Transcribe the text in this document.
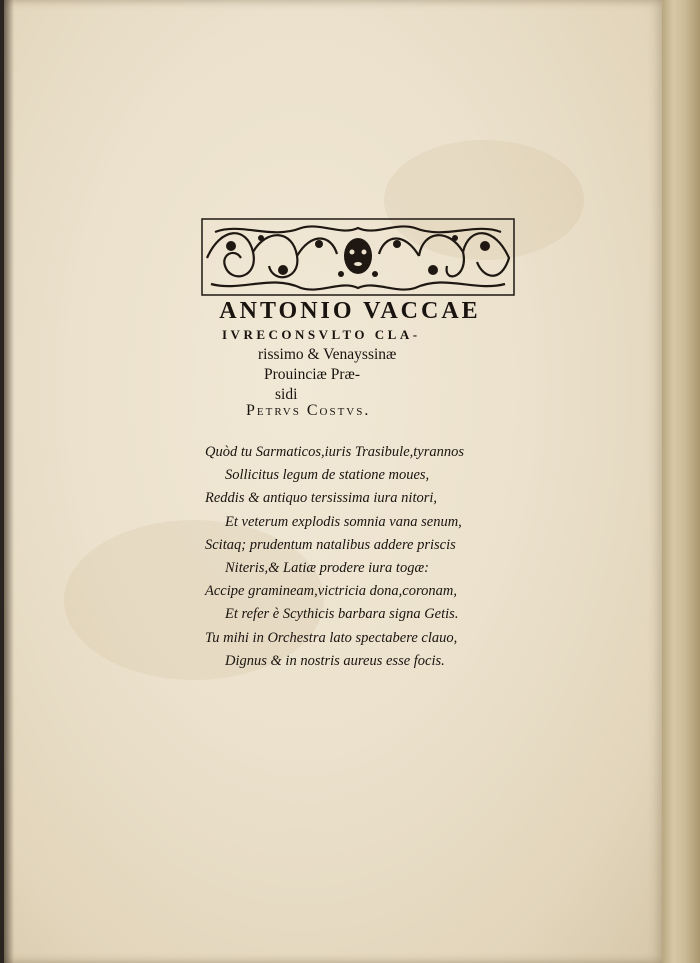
ANTONIO VACCAE
IVRECONSVLTO CLA-
rissimo & Venayssinæ
Prouinciæ Præ-
sidi
Petrvs Costvs.
Quòd tu Sarmaticos,iuris Trasibule,tyrannos
Sollicitus legum de statione moues,
Reddis & antiquo tersissima iura nitori,
Et veterum explodis somnia vana senum,
Scitaq; prudentum natalibus addere priscis
Niteris,& Latiæ prodere iura togæ:
Accipe gramineam,victricia dona,coronam,
Et refer è Scythicis barbara signa Getis.
Tu mihi in Orchestra lato spectabere clauo,
Dignus & in nostris aureus esse focis.
